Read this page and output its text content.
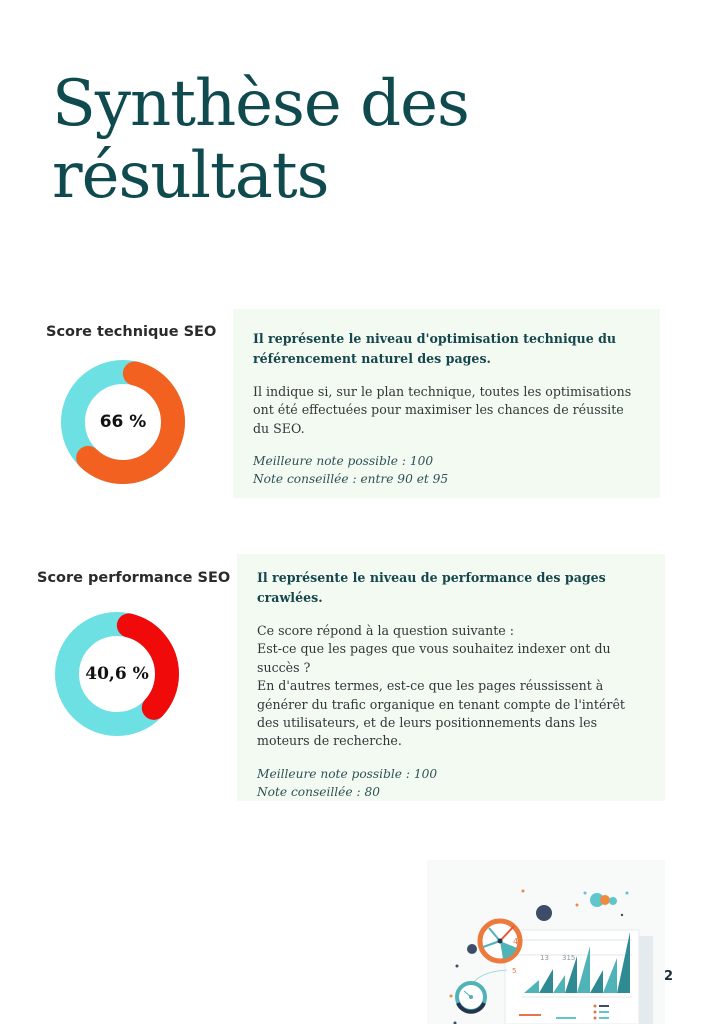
Synthèse des
résultats
Score technique SEO
66 %

Il représente le niveau d'optimisation technique du référencement naturel des pages.

Il indique si, sur le plan technique, toutes les optimisations ont été effectuées pour maximiser les chances de réussite du SEO.

Meilleure note possible : 100
Note conseillée : entre 90 et 95

Score performance SEO
40,6 %

Il représente le niveau de performance des pages crawlées.

Ce score répond à la question suivante :
Est-ce que les pages que vous souhaitez indexer ont du succès ?
En d'autres termes, est-ce que les pages réussissent à générer du trafic organique en tenant compte de l'intérêt des utilisateurs, et de leurs positionnements dans les moteurs de recherche.

Meilleure note possible : 100
Note conseillée : 80

13 315
4
5	2
